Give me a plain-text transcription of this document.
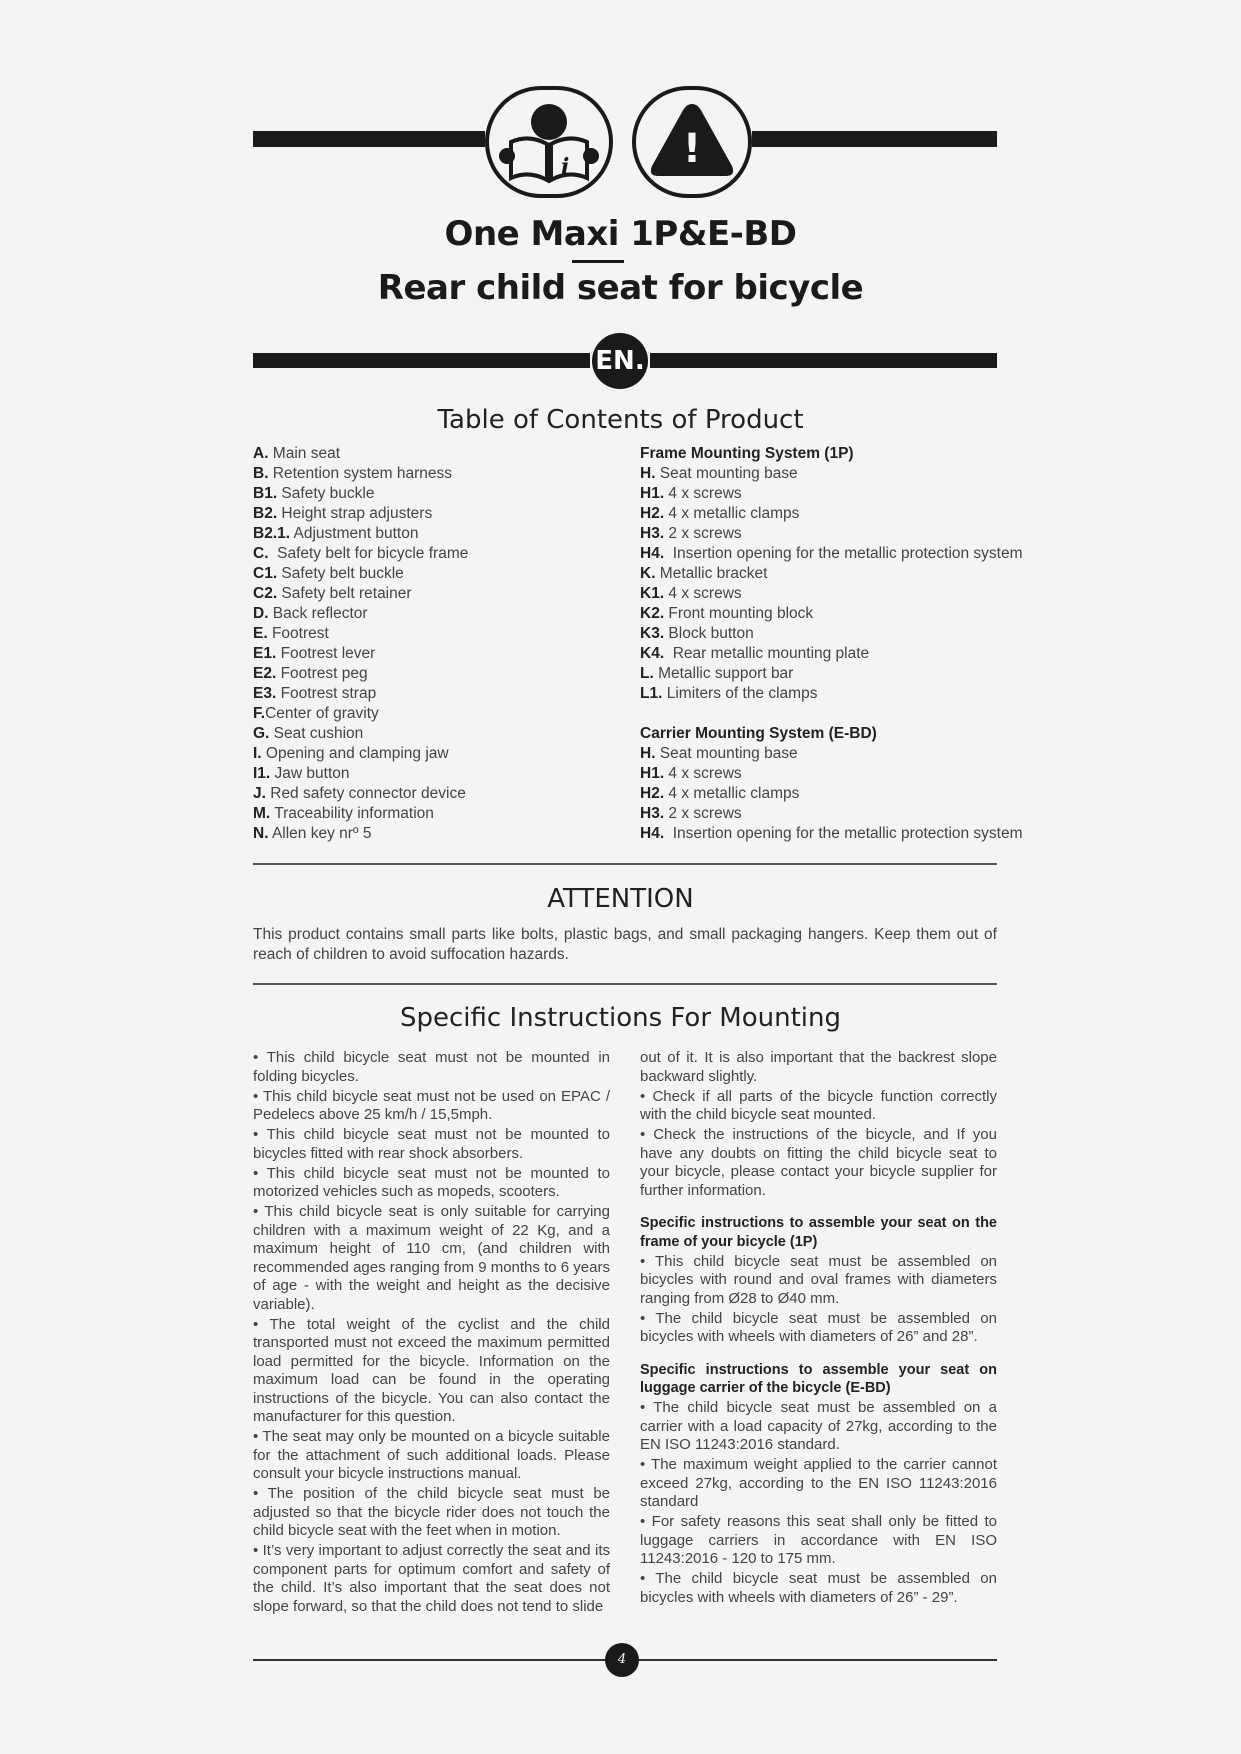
i	!
One Maxi 1P&E-BD
Rear child seat for bicycle
EN.
Table of Contents of Product
A. Main seat
B. Retention system harness
B1. Safety buckle
B2. Height strap adjusters
B2.1. Adjustment button
C.  Safety belt for bicycle frame
C1. Safety belt buckle
C2. Safety belt retainer
D. Back reflector
E. Footrest
E1. Footrest lever
E2. Footrest peg
E3. Footrest strap
F.Center of gravity
G. Seat cushion
I. Opening and clamping jaw
I1. Jaw button
J. Red safety connector device
M. Traceability information
N. Allen key nrº 5
Frame Mounting System (1P)
H. Seat mounting base
H1. 4 x screws
H2. 4 x metallic clamps
H3. 2 x screws
H4.  Insertion opening for the metallic protection system
K. Metallic bracket
K1. 4 x screws
K2. Front mounting block
K3. Block button
K4.  Rear metallic mounting plate
L. Metallic support bar
L1. Limiters of the clamps
Carrier Mounting System (E-BD)
H. Seat mounting base
H1. 4 x screws
H2. 4 x metallic clamps
H3. 2 x screws
H4.  Insertion opening for the metallic protection system
ATTENTION
This product contains small parts like bolts, plastic bags, and small packaging hangers. Keep them out of reach of children to avoid suffocation hazards.
Specific Instructions For Mounting

• This child bicycle seat must not be mounted in folding bicycles.

• This child bicycle seat must not be used on EPAC / Pedelecs above 25 km/h / 15,5mph.

• This child bicycle seat must not be mounted to bicycles fitted with rear shock absorbers.

• This child bicycle seat must not be mounted to motorized vehicles such as mopeds, scooters.

• This child bicycle seat is only suitable for carrying children with a maximum weight of 22 Kg, and a maximum height of 110 cm, (and children with recommended ages ranging from 9 months to 6 years of age - with the weight and height as the decisive variable).

• The total weight of the cyclist and the child transported must not exceed the maximum permitted load permitted for the bicycle. Information on the maximum load can be found in the operating instructions of the bicycle. You can also contact the manufacturer for this question.

• The seat may only be mounted on a bicycle suitable for the attachment of such additional loads. Please consult your bicycle instructions manual.

• The position of the child bicycle seat must be adjusted so that the bicycle rider does not touch the child bicycle seat with the feet when in motion.

• It’s very important to adjust correctly the seat and its component parts for optimum comfort and safety of the child. It’s also important that the seat does not slope forward, so that the child does not tend to slide

out of it. It is also important that the backrest slope backward slightly.

• Check if all parts of the bicycle function correctly with the child bicycle seat mounted.

• Check the instructions of the bicycle, and If you have any doubts on fitting the child bicycle seat to your bicycle, please contact your bicycle supplier for further information.

Specific instructions to assemble your seat on the frame of your bicycle (1P)

• This child bicycle seat must be assembled on bicycles with round and oval frames with diameters ranging from Ø28 to Ø40 mm.

• The child bicycle seat must be assembled on bicycles with wheels with diameters of 26” and 28”.

Specific instructions to assemble your seat on luggage carrier of the bicycle (E-BD)

• The child bicycle seat must be assembled on a carrier with a load capacity of 27kg, according to the EN ISO 11243:2016 standard.

• The maximum weight applied to the carrier cannot exceed 27kg, according to the EN ISO 11243:2016 standard

• For safety reasons this seat shall only be fitted to luggage carriers in accordance with EN ISO 11243:2016 - 120 to 175 mm.

• The child bicycle seat must be assembled on bicycles with wheels with diameters of 26” - 29”.

4
